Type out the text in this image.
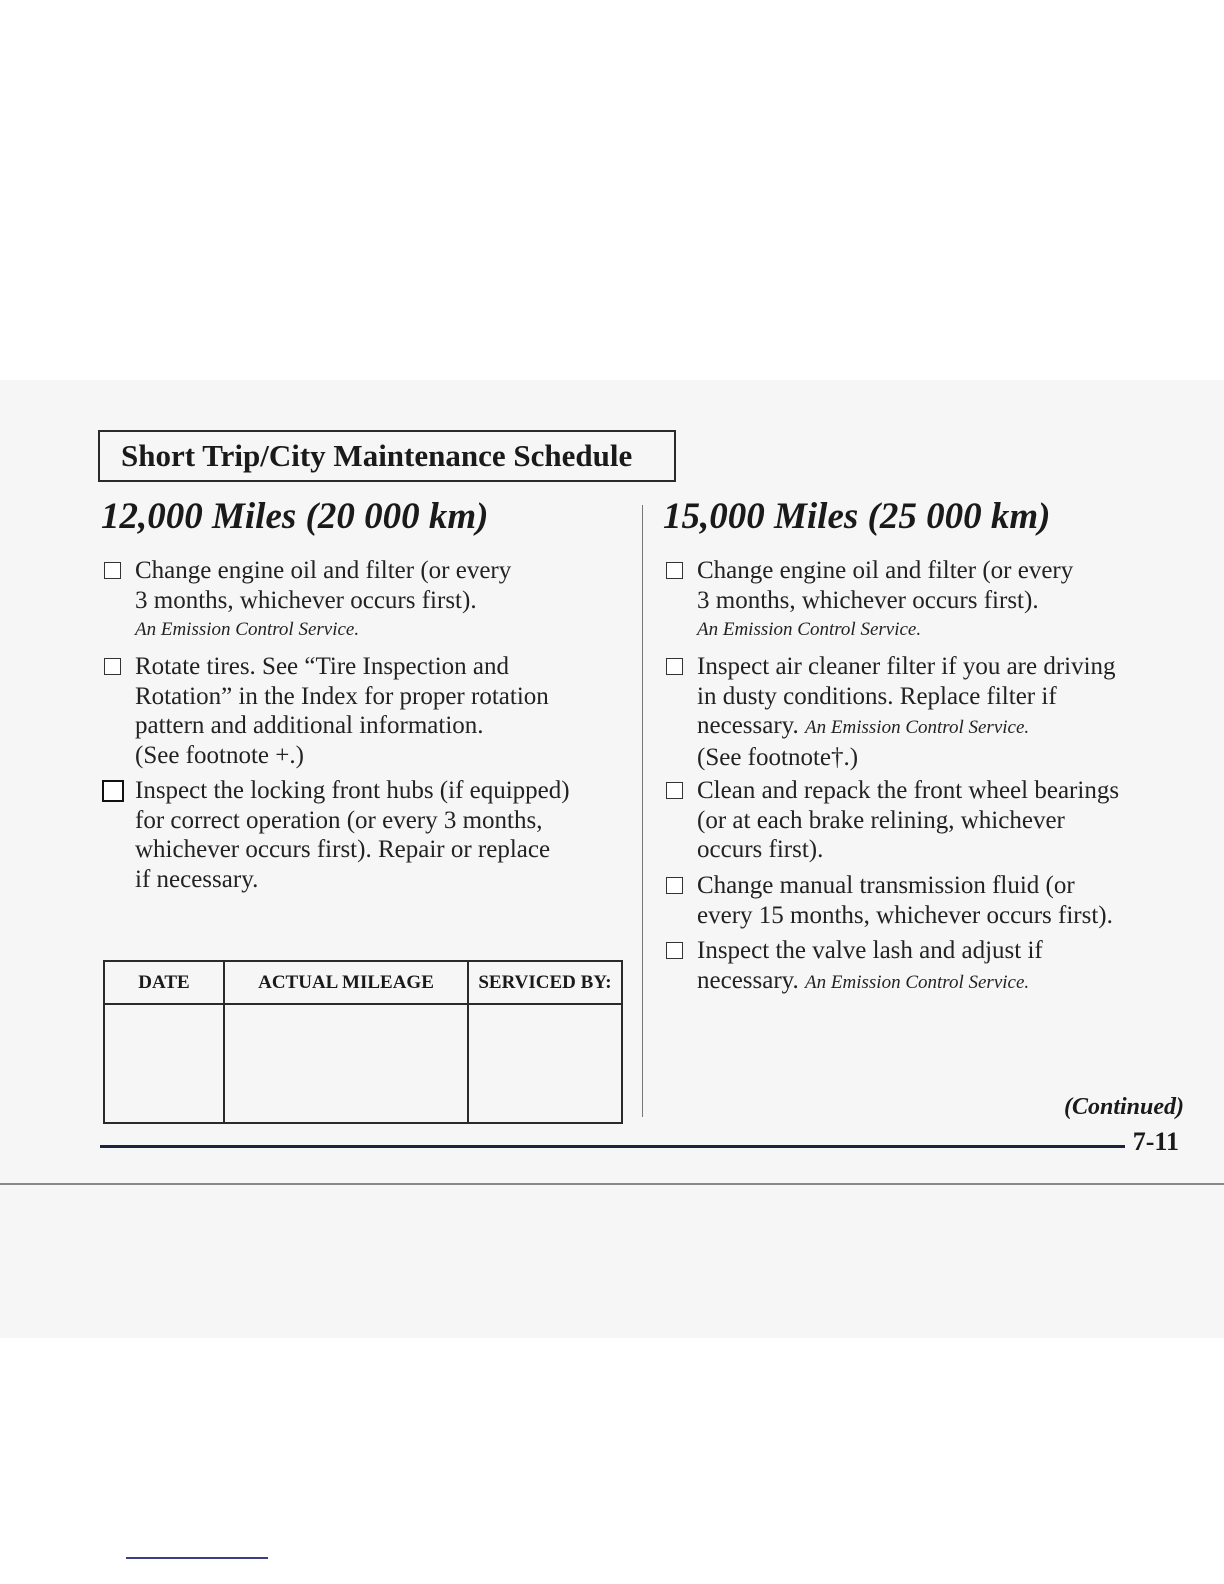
Short Trip/City Maintenance Schedule
12,000 Miles (20 000 km)
Change engine oil and filter (or every
3 months, whichever occurs first).
An Emission Control Service.
Rotate tires. See “Tire Inspection and
Rotation” in the Index for proper rotation
pattern and additional information.
(See footnote +.)
Inspect the locking front hubs (if equipped)
for correct operation (or every 3 months,
whichever occurs first). Repair or replace
if necessary.
DATE	ACTUAL MILEAGE	SERVICED BY:

15,000 Miles (25 000 km)
Change engine oil and filter (or every
3 months, whichever occurs first).
An Emission Control Service.
Inspect air cleaner filter if you are driving
in dusty conditions. Replace filter if
necessary. An Emission Control Service.
(See footnote†.)
Clean and repack the front wheel bearings
(or at each brake relining, whichever
occurs first).
Change manual transmission fluid (or
every 15 months, whichever occurs first).
Inspect the valve lash and adjust if
necessary. An Emission Control Service.
(Continued)
7-11
